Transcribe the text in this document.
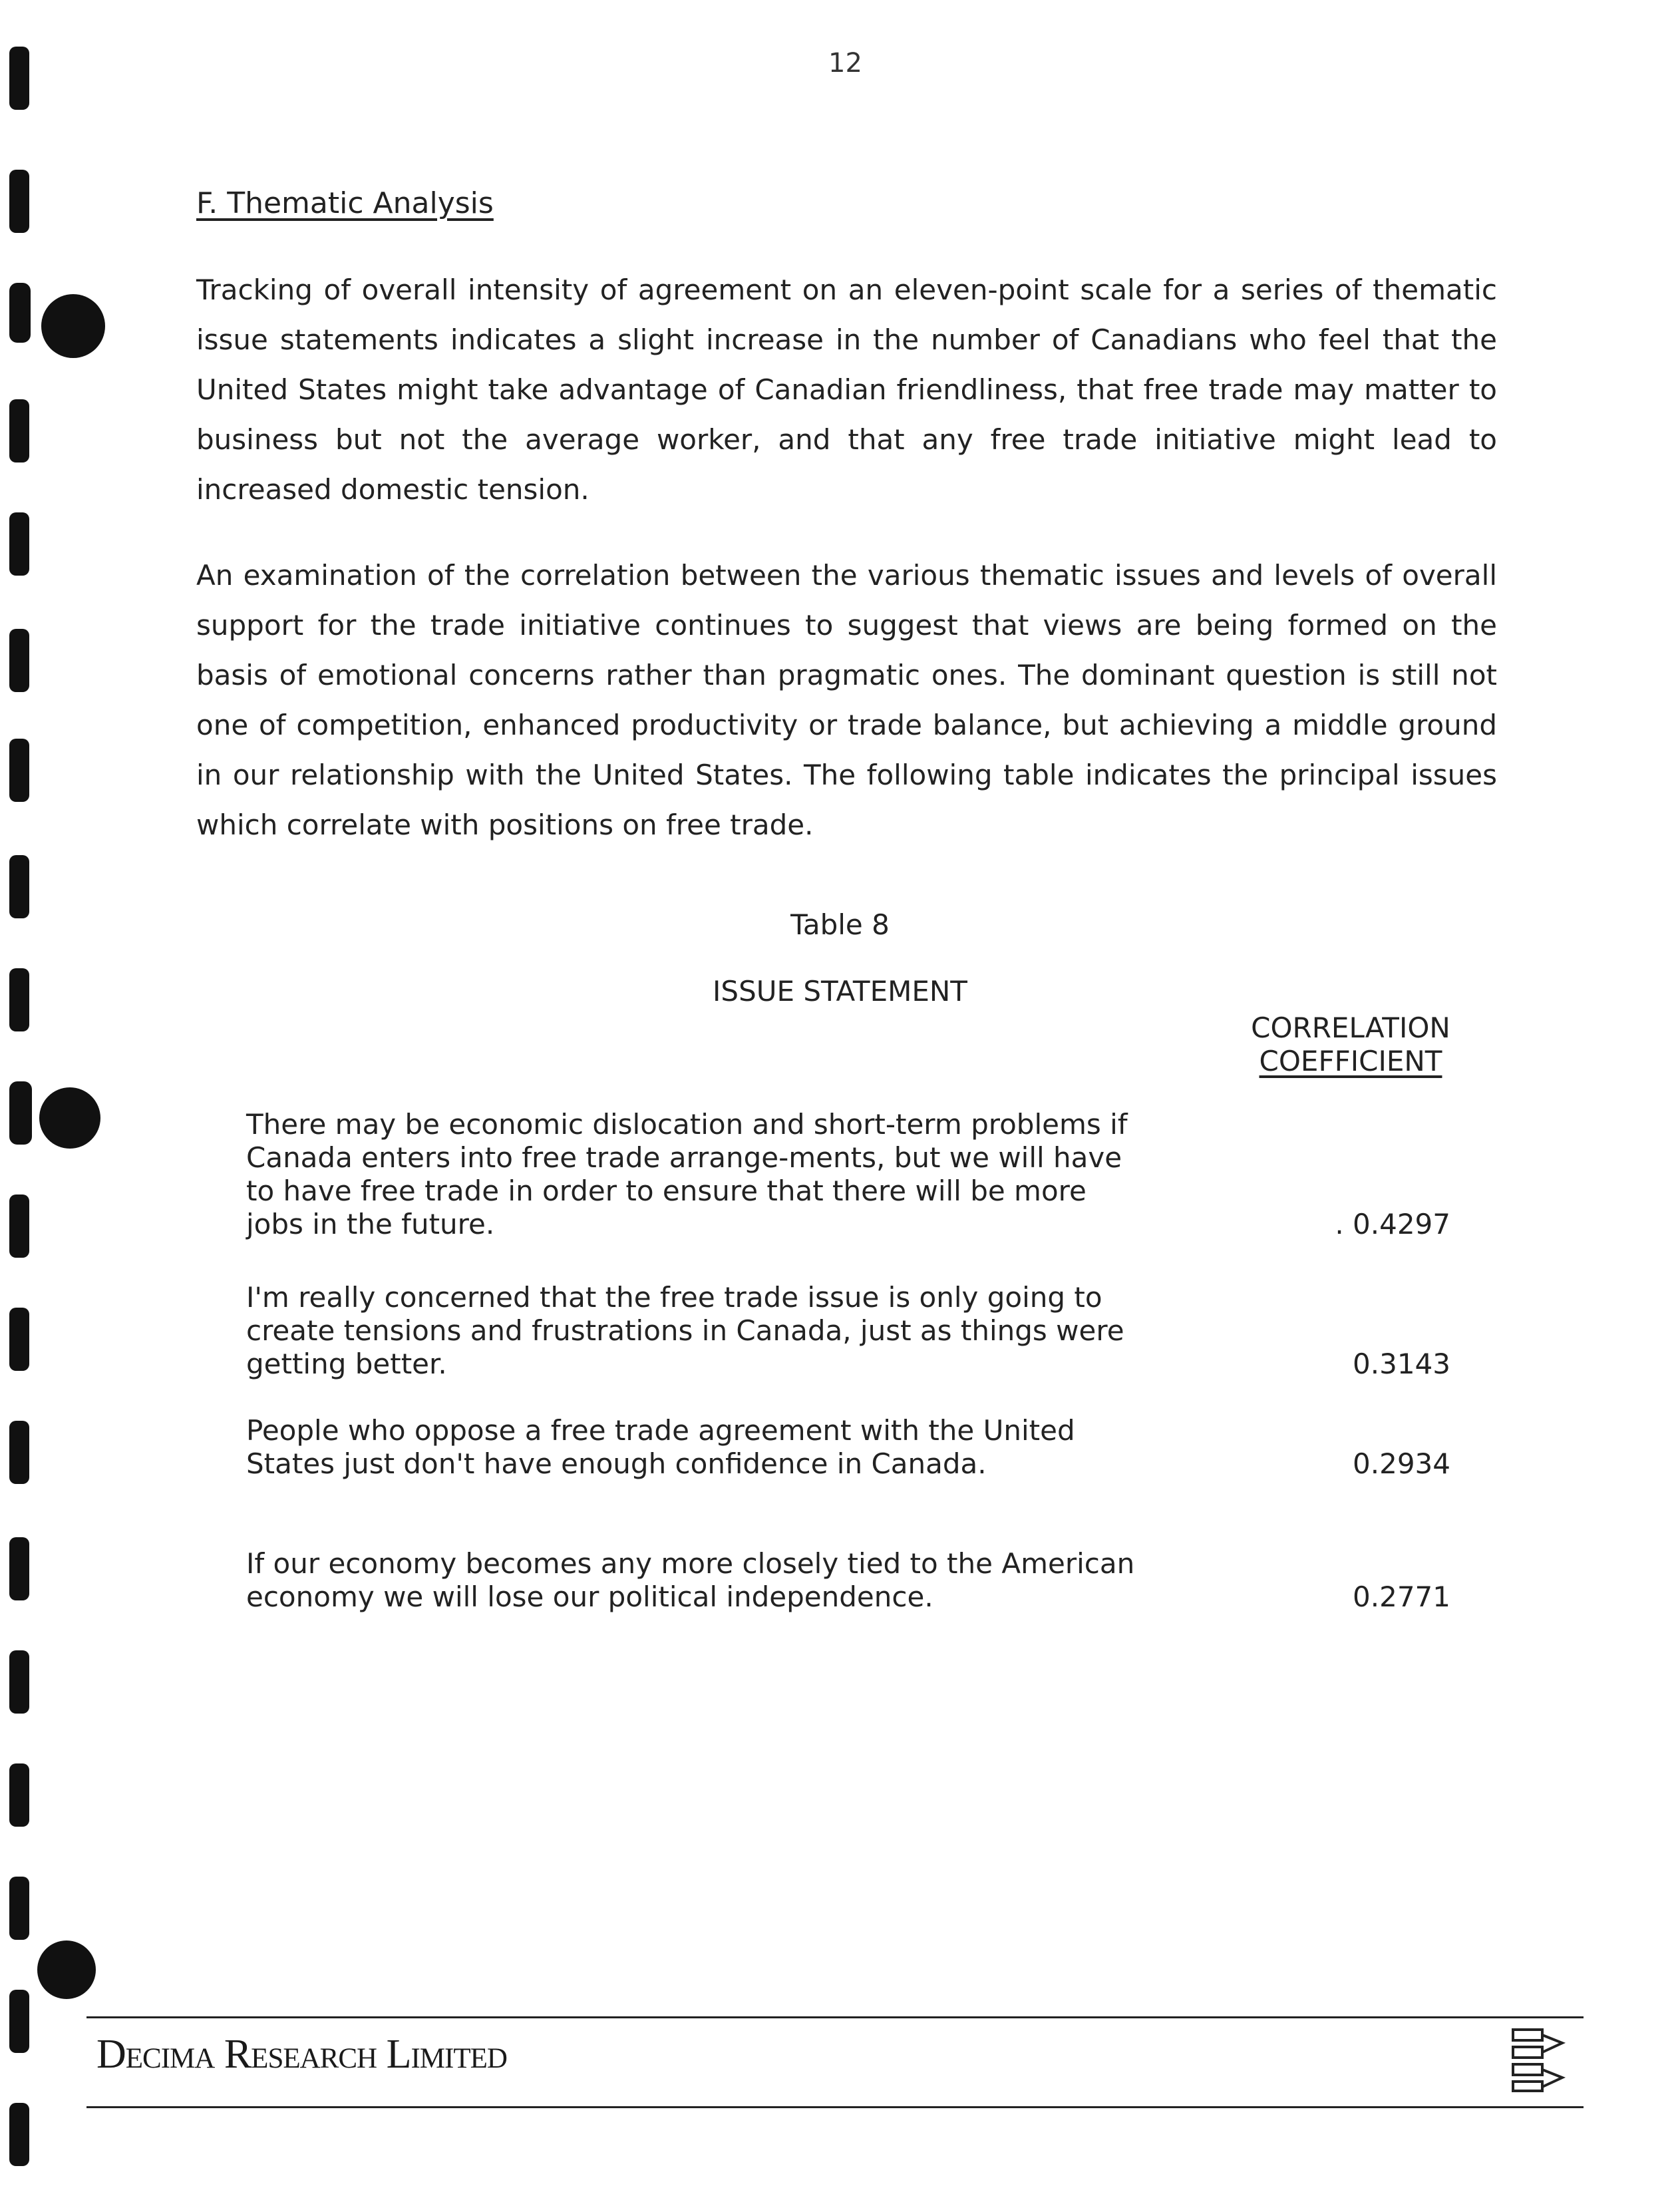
12
F. Thematic Analysis

Tracking of overall intensity of agreement on an eleven-point scale for a series of thematic issue statements indicates a slight increase in the number of Canadians who feel that the United States might take advantage of Canadian friendliness, that free trade may matter to business but not the average worker, and that any free trade initiative might lead to increased domestic tension.

An examination of the correlation between the various thematic issues and levels of overall support for the trade initiative continues to suggest that views are being formed on the basis of emotional concerns rather than pragmatic ones. The dominant question is still not one of competition, enhanced productivity or trade balance, but achieving a middle ground in our relationship with the United States. The following table indicates the principal issues which correlate with positions on free trade.

Table 8
ISSUE STATEMENT
CORRELATION
COEFFICIENT

There may be economic dislocation and short-term problems if Canada enters into free trade arrange-ments, but we will have to have free trade in order to ensure that there will be more jobs in the future.	. 0.4297

I'm really concerned that the free trade issue is only going to create tensions and frustrations in Canada, just as things were getting better.	0.3143

People who oppose a free trade agreement with the United States just don't have enough confidence in Canada.	0.2934

If our economy becomes any more closely tied to the American economy we will lose our political independence.	0.2771
Decima Research Limited
